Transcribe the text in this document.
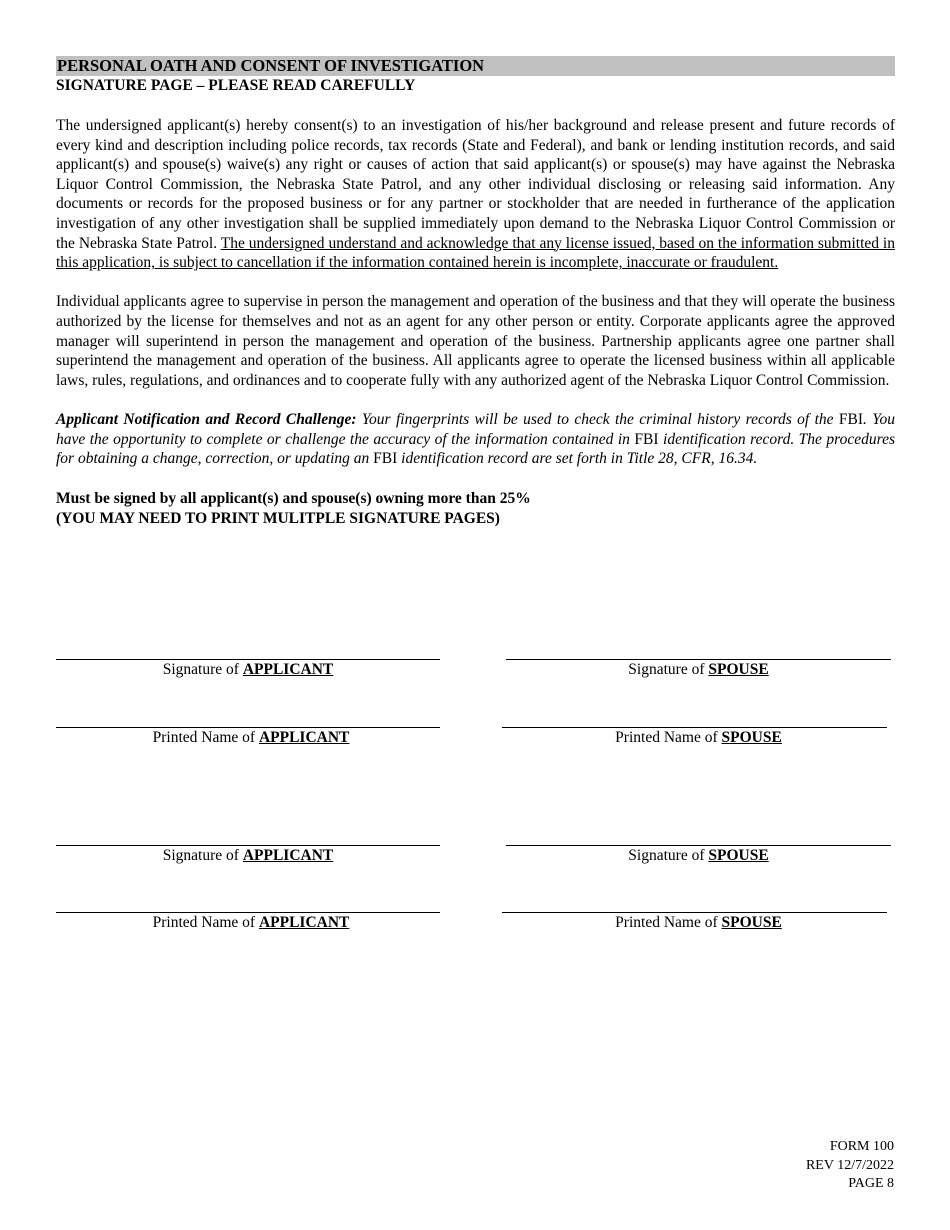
PERSONAL OATH AND CONSENT OF INVESTIGATION
SIGNATURE PAGE – PLEASE READ CAREFULLY

The undersigned applicant(s) hereby consent(s) to an investigation of his/her background and release present and future records of every kind and description including police records, tax records (State and Federal), and bank or lending institution records, and said applicant(s) and spouse(s) waive(s) any right or causes of action that said applicant(s) or spouse(s) may have against the Nebraska Liquor Control Commission, the Nebraska State Patrol, and any other individual disclosing or releasing said information. Any documents or records for the proposed business or for any partner or stockholder that are needed in furtherance of the application investigation of any other investigation shall be supplied immediately upon demand to the Nebraska Liquor Control Commission or the Nebraska State Patrol. The undersigned understand and acknowledge that any license issued, based on the information submitted in this application, is subject to cancellation if the information contained herein is incomplete, inaccurate or fraudulent.

Individual applicants agree to supervise in person the management and operation of the business and that they will operate the business authorized by the license for themselves and not as an agent for any other person or entity. Corporate applicants agree the approved manager will superintend in person the management and operation of the business. Partnership applicants agree one partner shall superintend the management and operation of the business. All applicants agree to operate the licensed business within all applicable laws, rules, regulations, and ordinances and to cooperate fully with any authorized agent of the Nebraska Liquor Control Commission.

Applicant Notification and Record Challenge: Your fingerprints will be used to check the criminal history records of the FBI. You have the opportunity to complete or challenge the accuracy of the information contained in FBI identification record. The procedures for obtaining a change, correction, or updating an FBI identification record are set forth in Title 28, CFR, 16.34.

Must be signed by all applicant(s) and spouse(s) owning more than 25%
(YOU MAY NEED TO PRINT MULITPLE SIGNATURE PAGES)
Signature of APPLICANT	Signature of SPOUSE
Printed Name of APPLICANT	Printed Name of SPOUSE
Signature of APPLICANT	Signature of SPOUSE
Printed Name of APPLICANT	Printed Name of SPOUSE
FORM 100
REV 12/7/2022
PAGE 8
